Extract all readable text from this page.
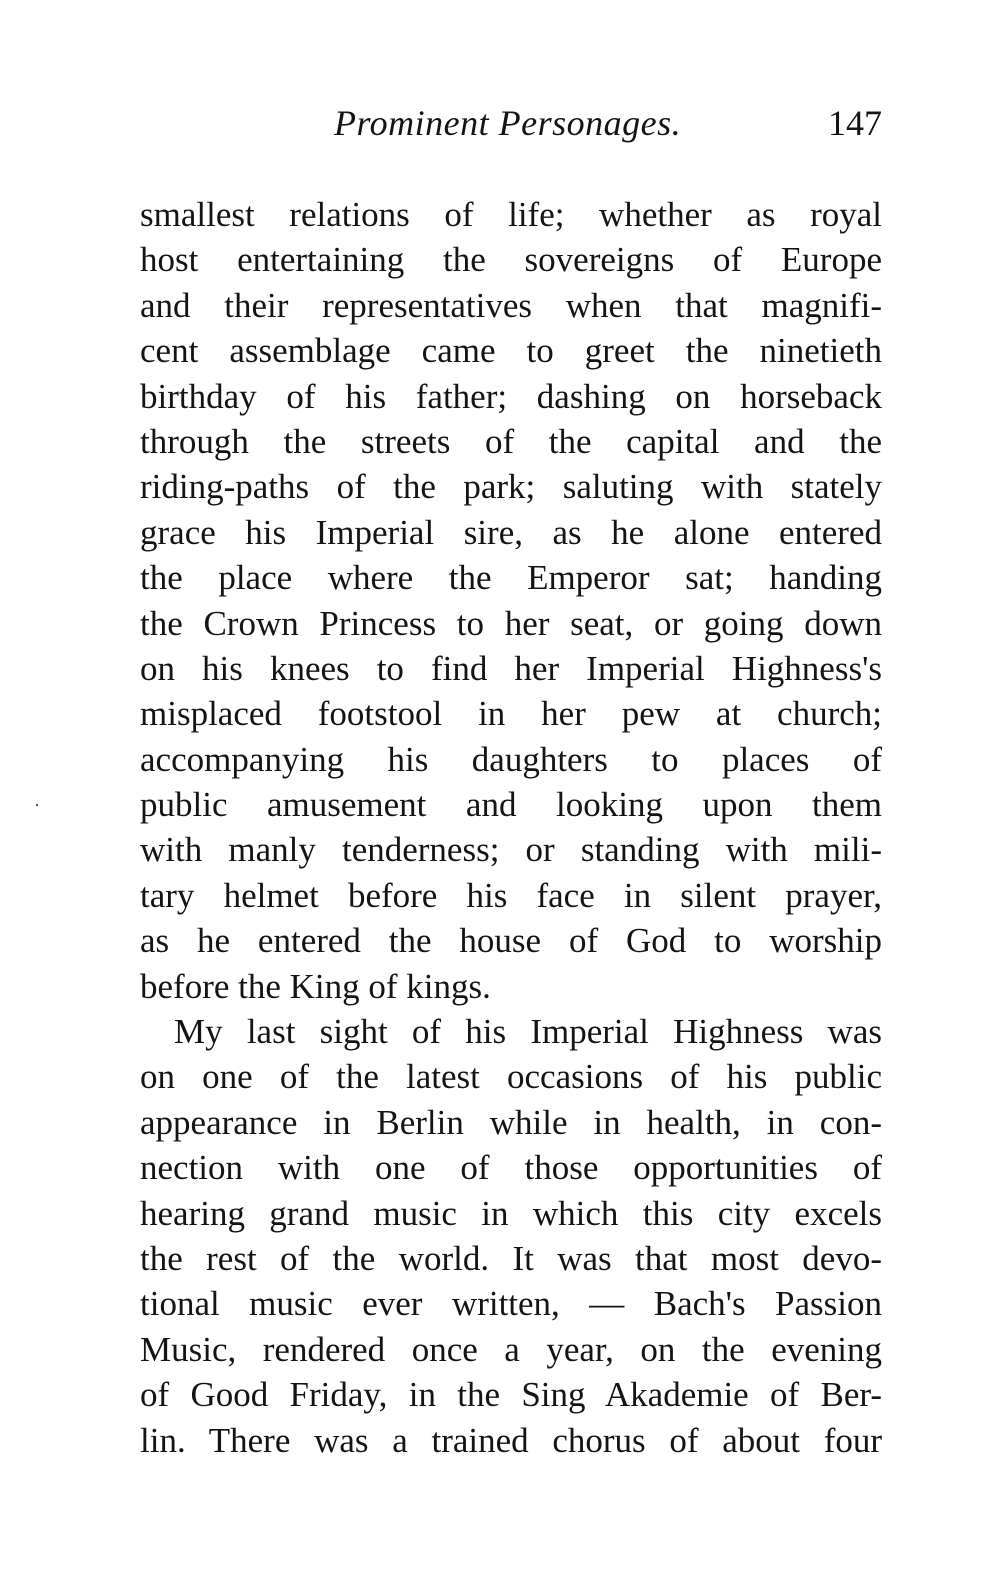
Prominent Personages.	147
smallest relations of life; whether as royal
host entertaining the sovereigns of Europe
and their representatives when that magnifi-
cent assemblage came to greet the ninetieth
birthday of his father; dashing on horseback
through the streets of the capital and the
riding-paths of the park; saluting with stately
grace his Imperial sire, as he alone entered
the place where the Emperor sat; handing
the Crown Princess to her seat, or going down
on his knees to find her Imperial Highness's
misplaced footstool in her pew at church;
accompanying his daughters to places of
public amusement and looking upon them
with manly tenderness; or standing with mili-
tary helmet before his face in silent prayer,
as he entered the house of God to worship
before the King of kings.
My last sight of his Imperial Highness was
on one of the latest occasions of his public
appearance in Berlin while in health, in con-
nection with one of those opportunities of
hearing grand music in which this city excels
the rest of the world. It was that most devo-
tional music ever written, — Bach's Passion
Music, rendered once a year, on the evening
of Good Friday, in the Sing Akademie of Ber-
lin. There was a trained chorus of about four
